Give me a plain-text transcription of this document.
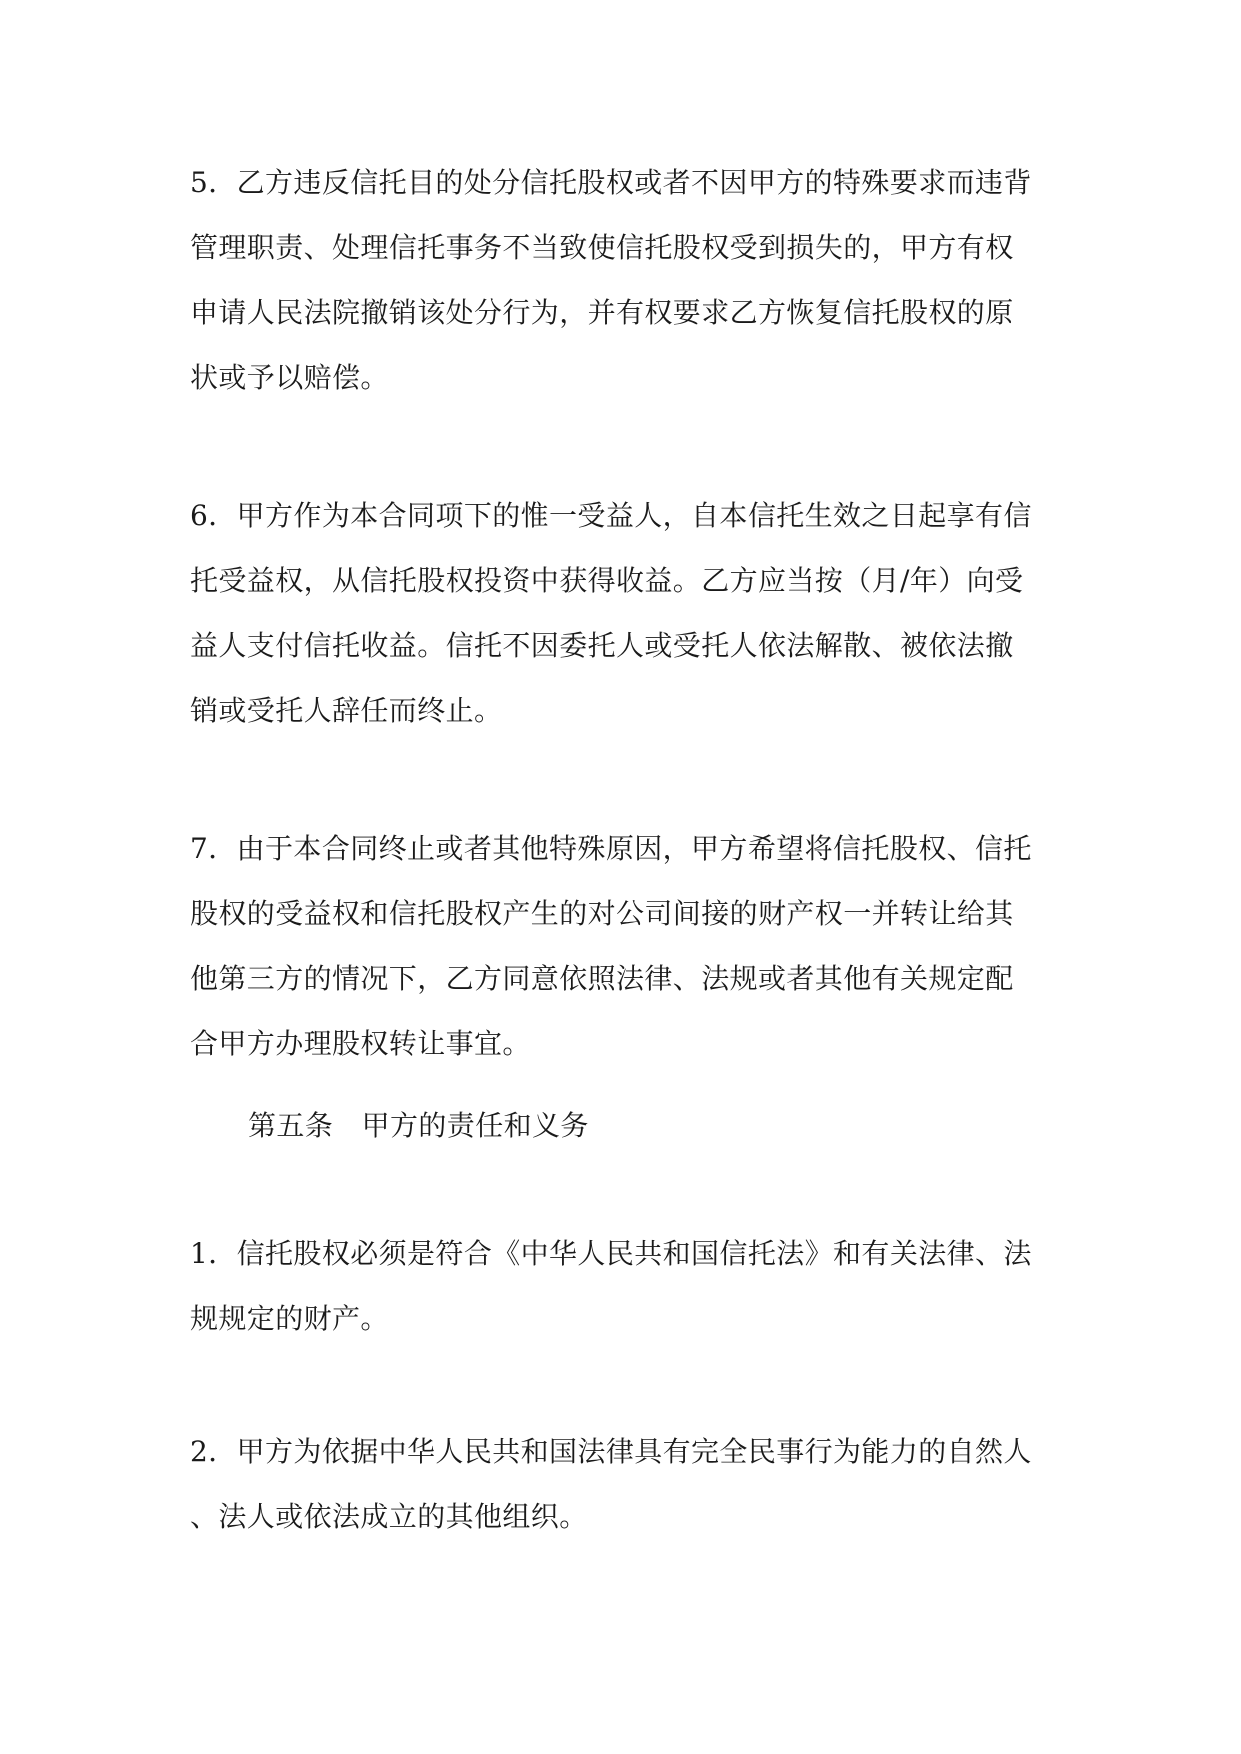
5．乙方违反信托目的处分信托股权或者不因甲方的特殊要求而违背
管理职责、处理信托事务不当致使信托股权受到损失的，甲方有权
申请人民法院撤销该处分行为，并有权要求乙方恢复信托股权的原
状或予以赔偿。
6．甲方作为本合同项下的惟一受益人，自本信托生效之日起享有信
托受益权，从信托股权投资中获得收益。乙方应当按（月/年）向受
益人支付信托收益。信托不因委托人或受托人依法解散、被依法撤
销或受托人辞任而终止。
7．由于本合同终止或者其他特殊原因，甲方希望将信托股权、信托
股权的受益权和信托股权产生的对公司间接的财产权一并转让给其
他第三方的情况下，乙方同意依照法律、法规或者其他有关规定配
合甲方办理股权转让事宜。
第五条　甲方的责任和义务
1．信托股权必须是符合《中华人民共和国信托法》和有关法律、法
规规定的财产。
2．甲方为依据中华人民共和国法律具有完全民事行为能力的自然人
、法人或依法成立的其他组织。
